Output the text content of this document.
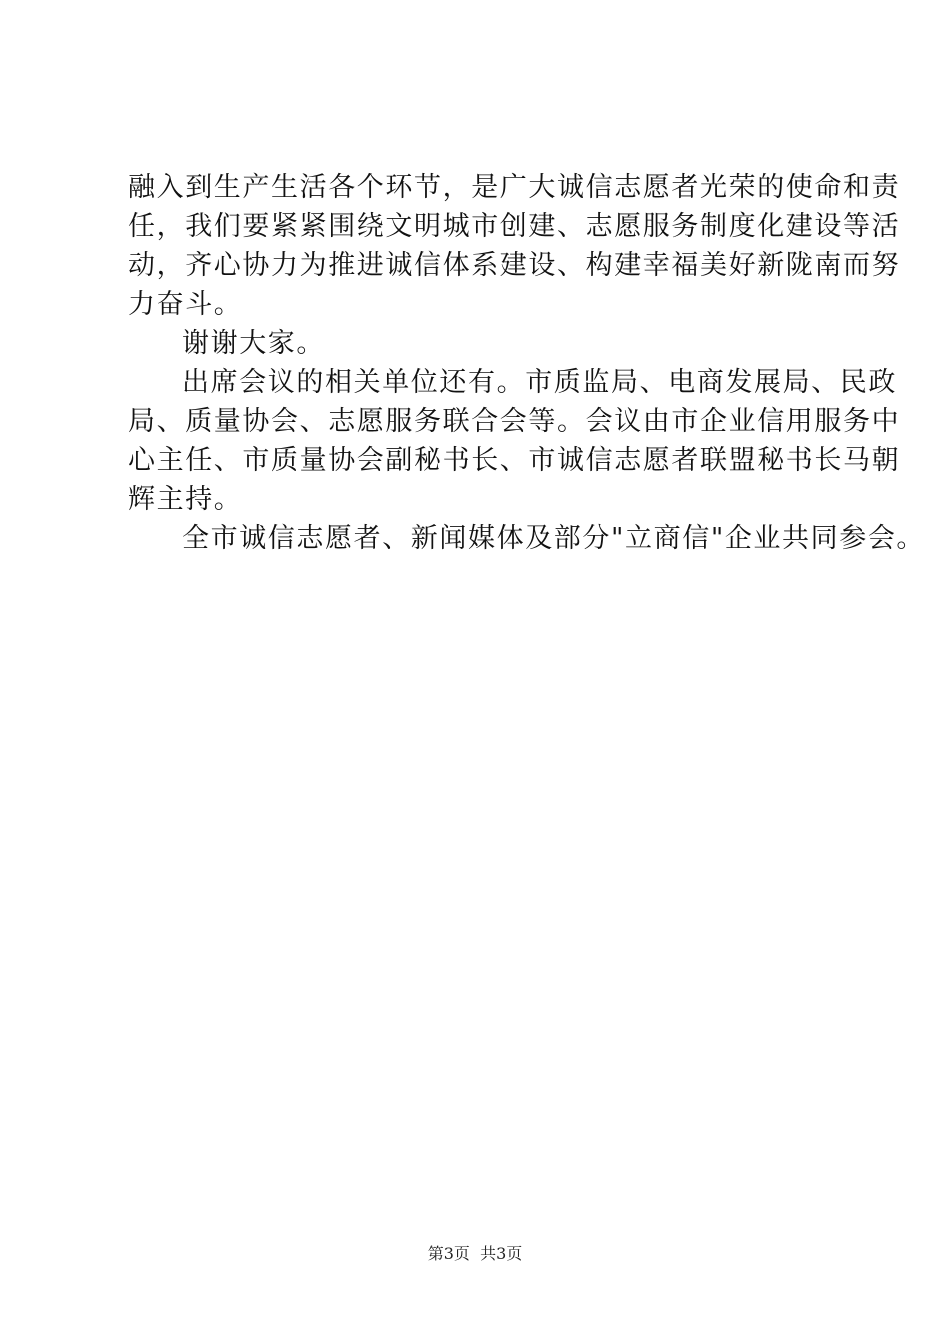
融入到生产生活各个环节，是广大诚信志愿者光荣的使命和责
任，我们要紧紧围绕文明城市创建、志愿服务制度化建设等活
动，齐心协力为推进诚信体系建设、构建幸福美好新陇南而努
力奋斗。
谢谢大家。
出席会议的相关单位还有。市质监局、电商发展局、民政
局、质量协会、志愿服务联合会等。会议由市企业信用服务中
心主任、市质量协会副秘书长、市诚信志愿者联盟秘书长马朝
辉主持。
全市诚信志愿者、新闻媒体及部分"立商信"企业共同参会。
第3页  共3页
